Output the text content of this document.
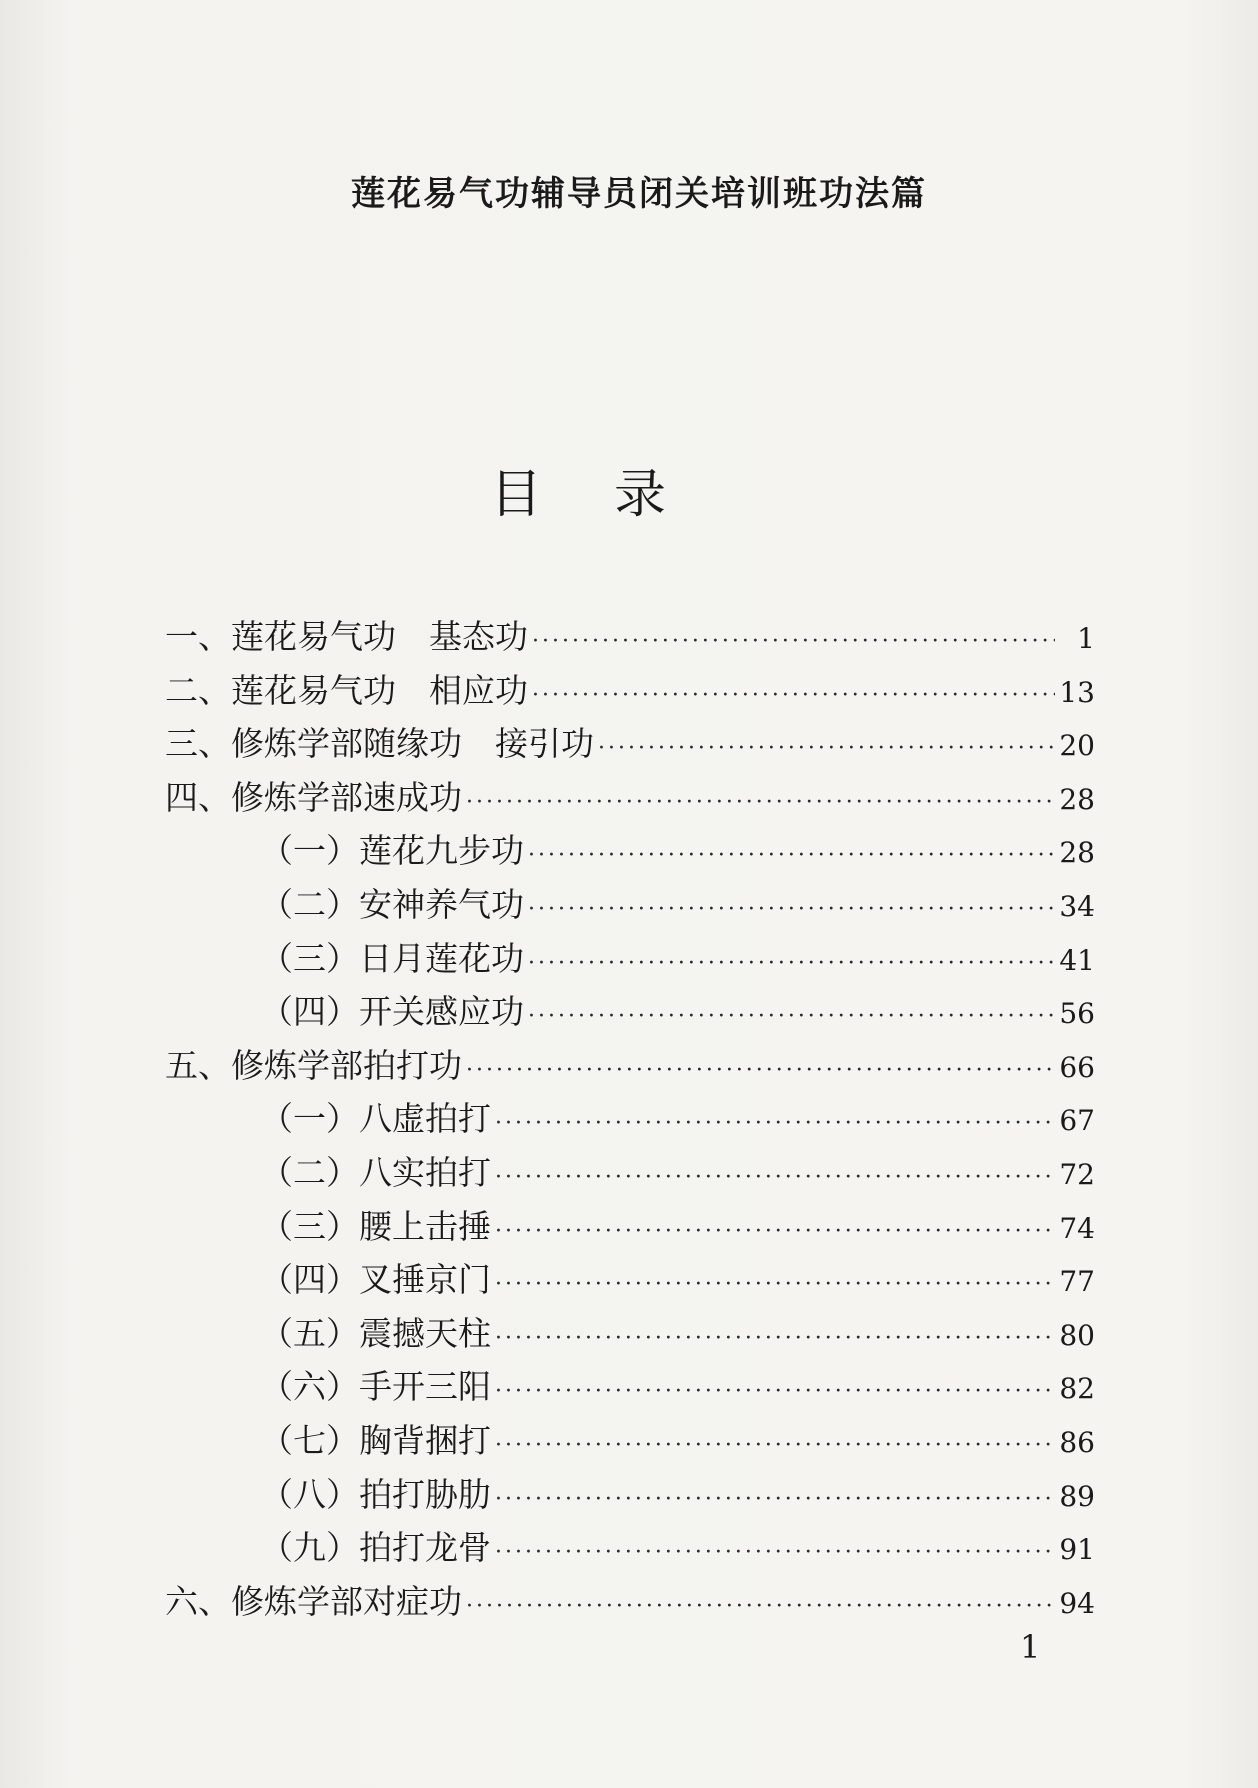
莲花易气功辅导员闭关培训班功法篇
目 录
一、莲花易气功　基态功 ·····	1
二、莲花易气功　相应功 ·····	13
三、修炼学部随缘功　接引功 ·····	20
四、修炼学部速成功 ·····	28
（一）莲花九步功 ·····	28
（二）安神养气功 ·····	34
（三）日月莲花功 ·····	41
（四）开关感应功 ·····	56
五、修炼学部拍打功 ·····	66
（一）八虚拍打 ·····	67
（二）八实拍打 ·····	72
（三）腰上击捶 ·····	74
（四）叉捶京门 ·····	77
（五）震撼天柱 ·····	80
（六）手开三阳 ·····	82
（七）胸背捆打 ·····	86
（八）拍打胁肋 ·····	89
（九）拍打龙骨 ·····	91
六、修炼学部对症功 ·····	94
1
